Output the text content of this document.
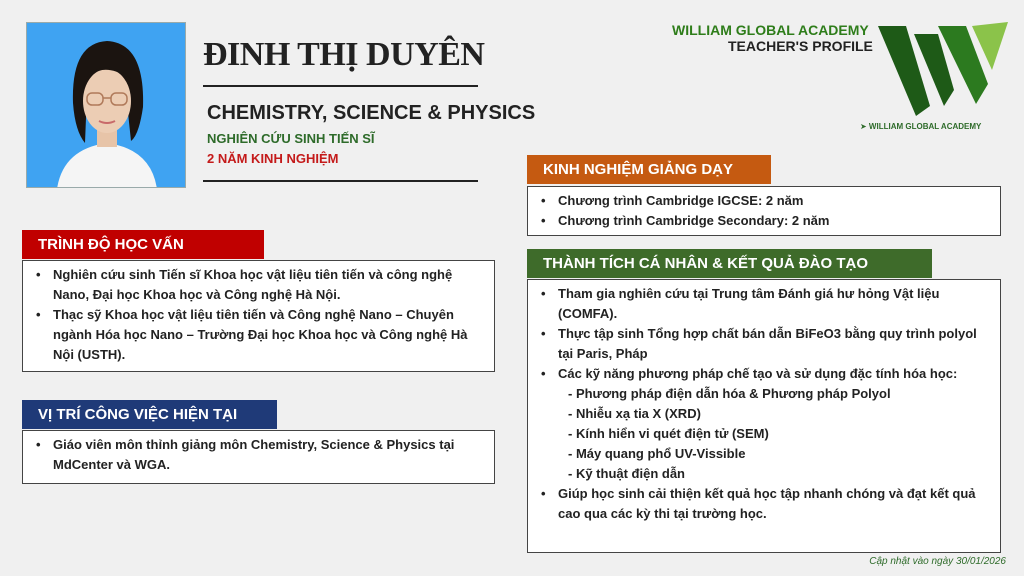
ĐINH THỊ DUYÊN
CHEMISTRY, SCIENCE & PHYSICS
NGHIÊN CỨU SINH TIẾN SĨ
2 NĂM KINH NGHIỆM
WILLIAM GLOBAL ACADEMY
TEACHER'S PROFILE
➤ WILLIAM GLOBAL ACADEMY
TRÌNH ĐỘ HỌC VẤN
• Nghiên cứu sinh Tiến sĩ Khoa học vật liệu tiên tiến và công nghệ Nano, Đại học Khoa học và Công nghệ Hà Nội.
• Thạc sỹ Khoa học vật liệu tiên tiến và Công nghệ Nano – Chuyên ngành Hóa học Nano – Trường Đại học Khoa học và Công nghệ Hà Nội (USTH).
VỊ TRÍ CÔNG VIỆC HIỆN TẠI
• Giáo viên môn thỉnh giảng môn Chemistry, Science & Physics tại MdCenter và WGA.
KINH NGHIỆM GIẢNG DẠY
• Chương trình Cambridge IGCSE: 2 năm
• Chương trình Cambridge Secondary: 2 năm
THÀNH TÍCH CÁ NHÂN & KẾT QUẢ ĐÀO TẠO
• Tham gia nghiên cứu tại Trung tâm Đánh giá hư hỏng Vật liệu (COMFA).
• Thực tập sinh Tổng hợp chất bán dẫn BiFeO3 bằng quy trình polyol tại Paris, Pháp
• Các kỹ năng phương pháp chế tạo và sử dụng đặc tính hóa học:
- Phương pháp điện dẫn hóa & Phương pháp Polyol
- Nhiễu xạ tia X (XRD)
- Kính hiển vi quét điện tử (SEM)
- Máy quang phổ UV-Vissible
- Kỹ thuật điện dẫn
• Giúp học sinh cải thiện kết quả học tập nhanh chóng và đạt kết quả cao qua các kỳ thi tại trường học.
Cập nhật vào ngày 30/01/2026
